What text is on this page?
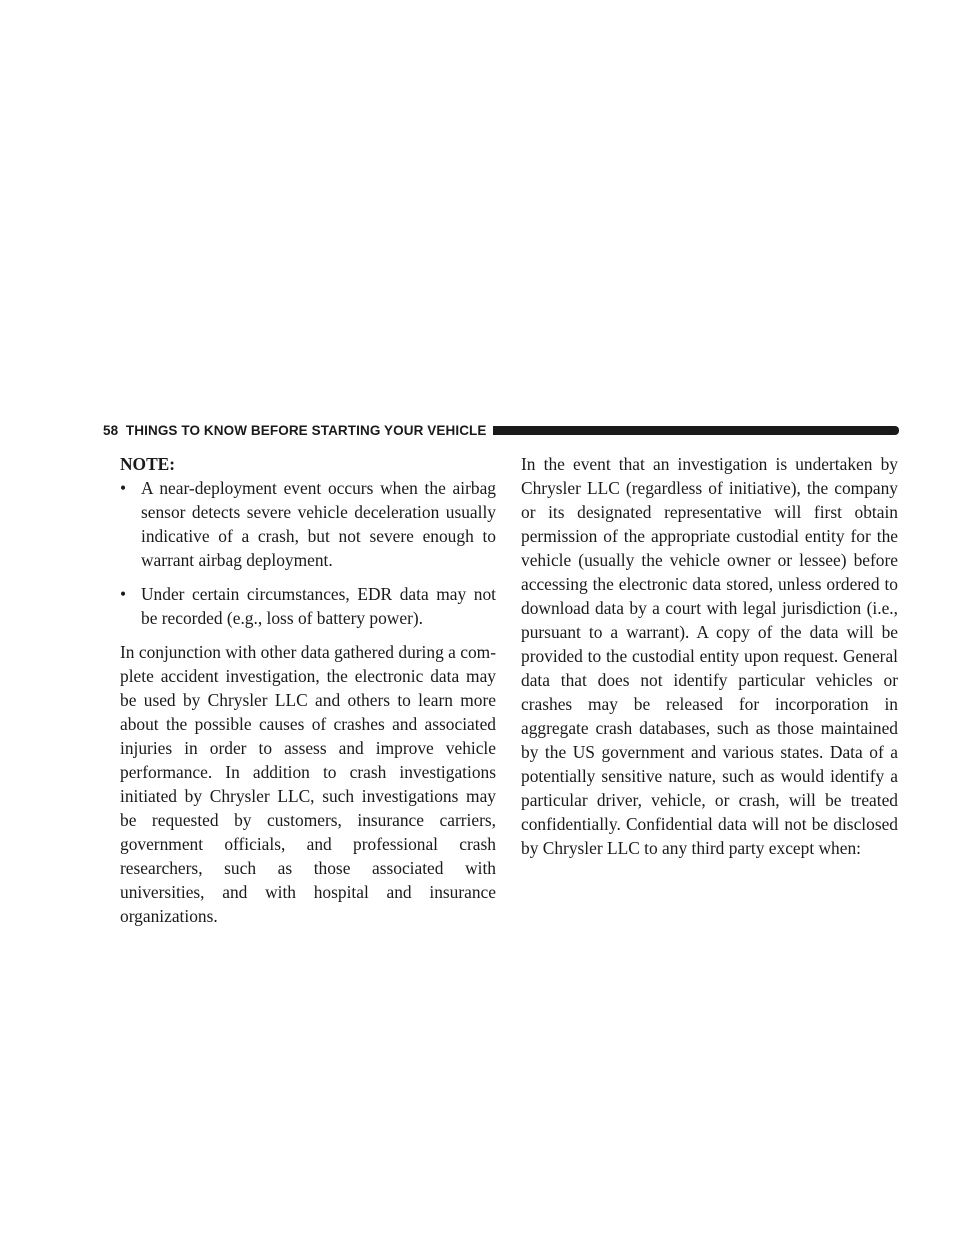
58 THINGS TO KNOW BEFORE STARTING YOUR VEHICLE

NOTE:

• A near-deployment event occurs when the airbag sensor detects severe vehicle deceleration usually indicative of a crash, but not severe enough to warrant airbag deployment.
• Under certain circumstances, EDR data may not be recorded (e.g., loss of battery power).

In conjunction with other data gathered during a complete accident investigation, the electronic data may be used by Chrysler LLC and others to learn more about the possible causes of crashes and associated injuries in order to assess and improve vehicle performance. In addition to crash investigations initiated by Chrysler LLC, such investigations may be requested by customers, insurance carriers, government officials, and professional crash researchers, such as those associated with universities, and with hospital and insurance organizations.

In the event that an investigation is undertaken by Chrysler LLC (regardless of initiative), the company or its designated representative will first obtain permission of the appropriate custodial entity for the vehicle (usually the vehicle owner or lessee) before accessing the electronic data stored, unless ordered to download data by a court with legal jurisdiction (i.e., pursuant to a warrant). A copy of the data will be provided to the custodial entity upon request. General data that does not identify particular vehicles or crashes may be released for incorporation in aggregate crash databases, such as those maintained by the US government and various states. Data of a potentially sensitive nature, such as would identify a particular driver, vehicle, or crash, will be treated confidentially. Confidential data will not be disclosed by Chrysler LLC to any third party except when:
